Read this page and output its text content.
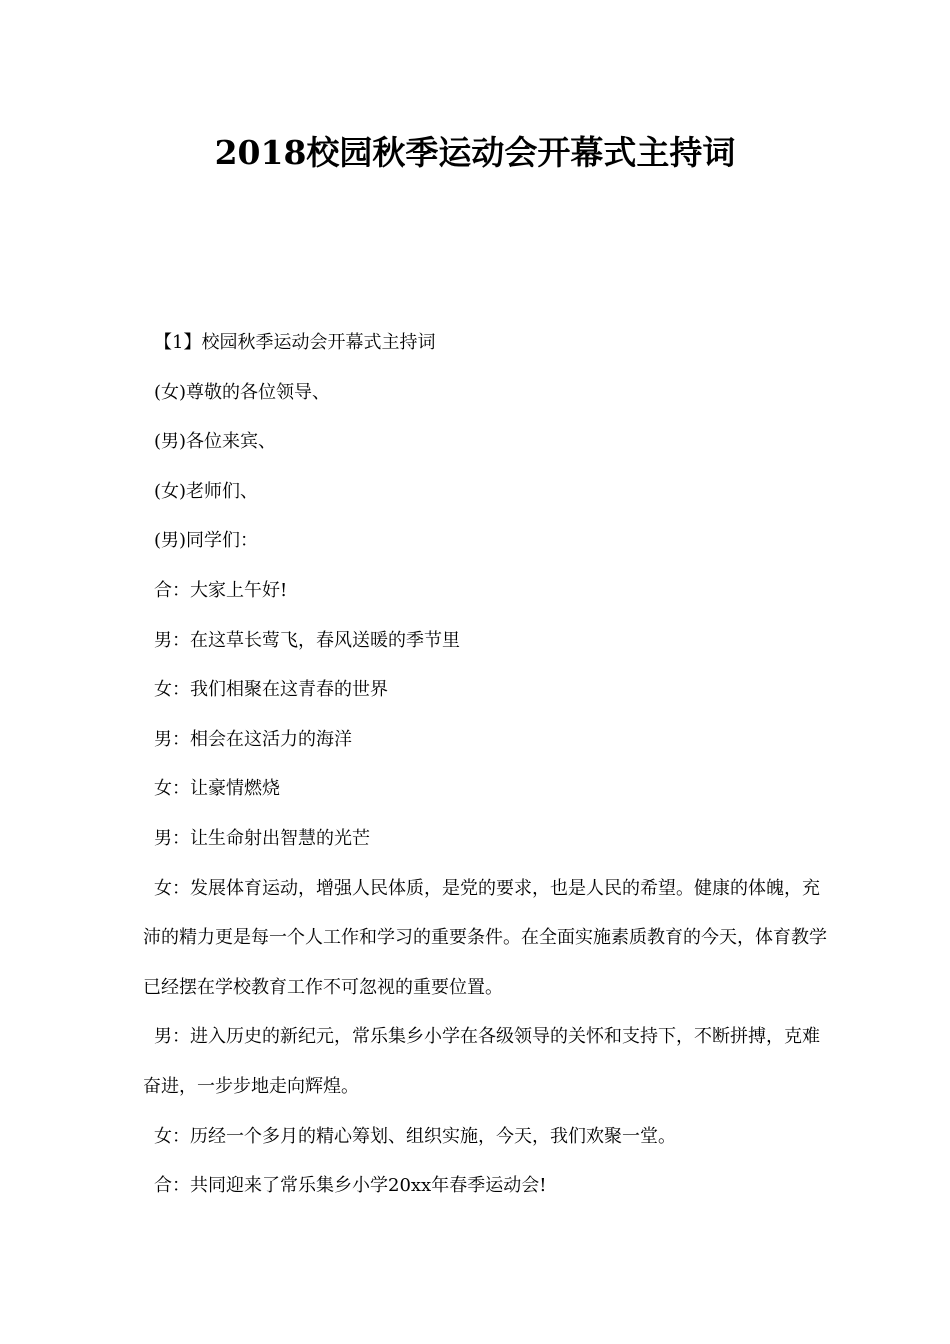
2018校园秋季运动会开幕式主持词

【1】校园秋季运动会开幕式主持词

(女)尊敬的各位领导、

(男)各位来宾、

(女)老师们、

(男)同学们：

合：大家上午好!

男：在这草长莺飞，春风送暖的季节里

女：我们相聚在这青春的世界

男：相会在这活力的海洋

女：让豪情燃烧

男：让生命射出智慧的光芒

女：发展体育运动，增强人民体质，是党的要求，也是人民的希望。健康的体魄，充沛的精力更是每一个人工作和学习的重要条件。在全面实施素质教育的今天，体育教学已经摆在学校教育工作不可忽视的重要位置。

男：进入历史的新纪元，常乐集乡小学在各级领导的关怀和支持下，不断拼搏，克难奋进，一步步地走向辉煌。

女：历经一个多月的精心筹划、组织实施，今天，我们欢聚一堂。

合：共同迎来了常乐集乡小学20xx年春季运动会!
